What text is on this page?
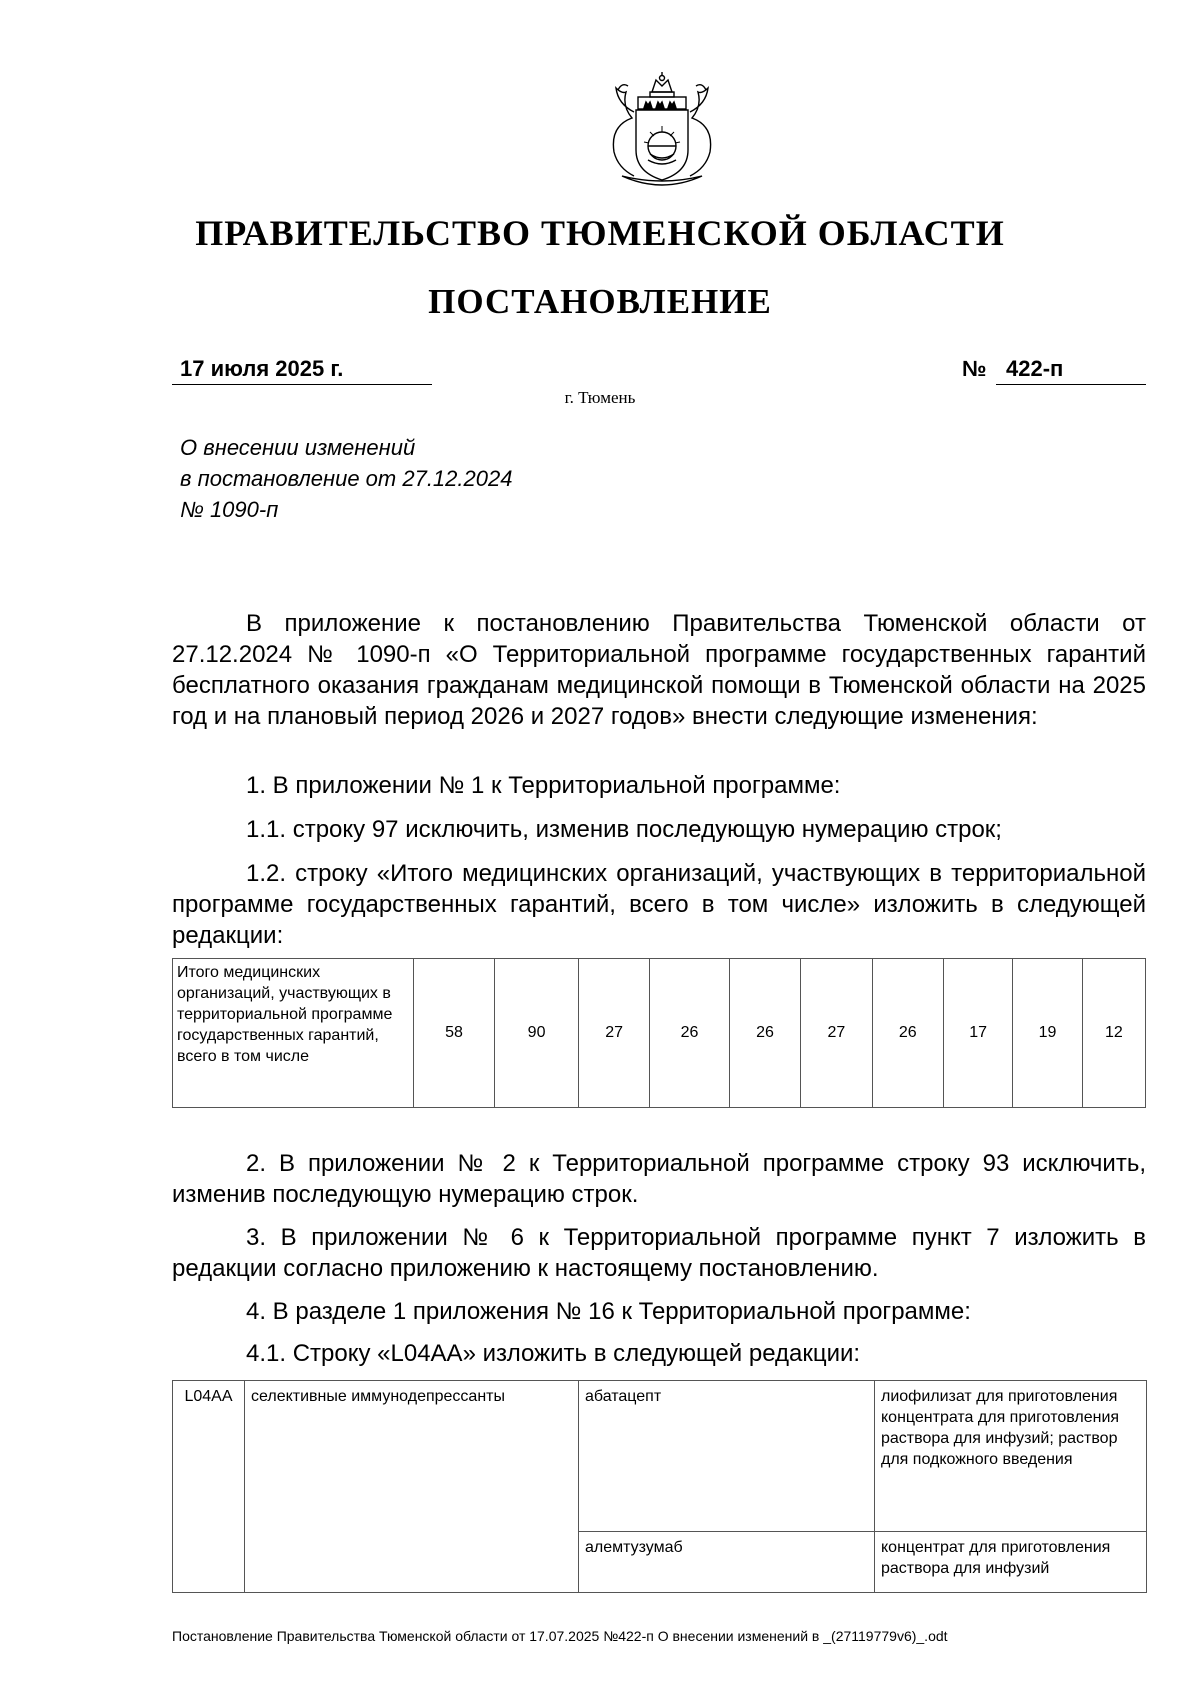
ПРАВИТЕЛЬСТВО ТЮМЕНСКОЙ ОБЛАСТИ
ПОСТАНОВЛЕНИЕ
17 июля 2025 г.	№ 422-п
г. Тюмень
О внесении изменений
в постановление от 27.12.2024
№ 1090-п

В приложение к постановлению Правительства Тюменской области от 27.12.2024 № 1090-п «О Территориальной программе государственных гарантий бесплатного оказания гражданам медицинской помощи в Тюменской области на 2025 год и на плановый период 2026 и 2027 годов» внести следующие изменения:

1. В приложении № 1 к Территориальной программе:

1.1. строку 97 исключить, изменив последующую нумерацию строк;

1.2. строку «Итого медицинских организаций, участвующих в территориальной программе государственных гарантий, всего в том числе» изложить в следующей редакции:

Итого медицинских организаций, участвующих в территориальной программе государственных гарантий, всего в том числе	58	90	27	26	26	27	26	17	19	12

2. В приложении № 2 к Территориальной программе строку 93 исключить, изменив последующую нумерацию строк.

3. В приложении № 6 к Территориальной программе пункт 7 изложить в редакции согласно приложению к настоящему постановлению.

4. В разделе 1 приложения № 16 к Территориальной программе:

4.1. Строку «L04AA» изложить в следующей редакции:

L04AA	селективные иммунодепрессанты	абатацепт	лиофилизат для приготовления концентрата для приготовления раствора для инфузий; раствор для подкожного введения
		алемтузумаб	концентрат для приготовления раствора для инфузий
Постановление Правительства Тюменской области от 17.07.2025 №422-п О внесении изменений в _(27119779v6)_.odt
